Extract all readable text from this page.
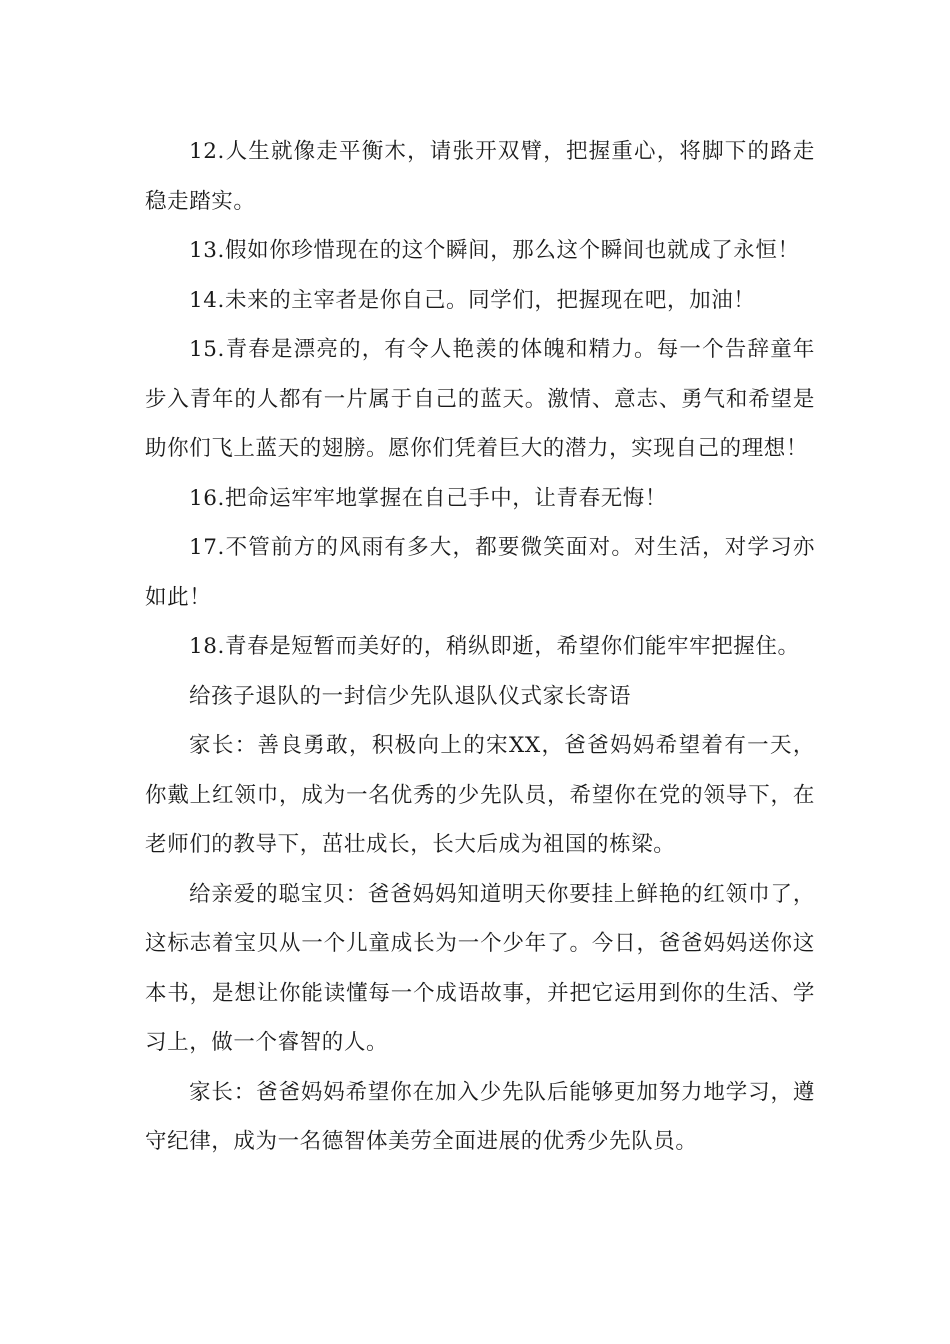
12.人生就像走平衡木，请张开双臂，把握重心，将脚下的路走稳走踏实。

13.假如你珍惜现在的这个瞬间，那么这个瞬间也就成了永恒！

14.未来的主宰者是你自己。同学们，把握现在吧，加油！

15.青春是漂亮的，有令人艳羡的体魄和精力。每一个告辞童年步入青年的人都有一片属于自己的蓝天。激情、意志、勇气和希望是助你们飞上蓝天的翅膀。愿你们凭着巨大的潜力，实现自己的理想！

16.把命运牢牢地掌握在自己手中，让青春无悔！

17.不管前方的风雨有多大，都要微笑面对。对生活，对学习亦如此！

18.青春是短暂而美好的，稍纵即逝，希望你们能牢牢把握住。

给孩子退队的一封信少先队退队仪式家长寄语

家长：善良勇敢，积极向上的宋XX，爸爸妈妈希望着有一天，你戴上红领巾，成为一名优秀的少先队员，希望你在党的领导下，在老师们的教导下，茁壮成长，长大后成为祖国的栋梁。

给亲爱的聪宝贝：爸爸妈妈知道明天你要挂上鲜艳的红领巾了，这标志着宝贝从一个儿童成长为一个少年了。今日，爸爸妈妈送你这本书，是想让你能读懂每一个成语故事，并把它运用到你的生活、学习上，做一个睿智的人。

家长：爸爸妈妈希望你在加入少先队后能够更加努力地学习，遵守纪律，成为一名德智体美劳全面进展的优秀少先队员。
